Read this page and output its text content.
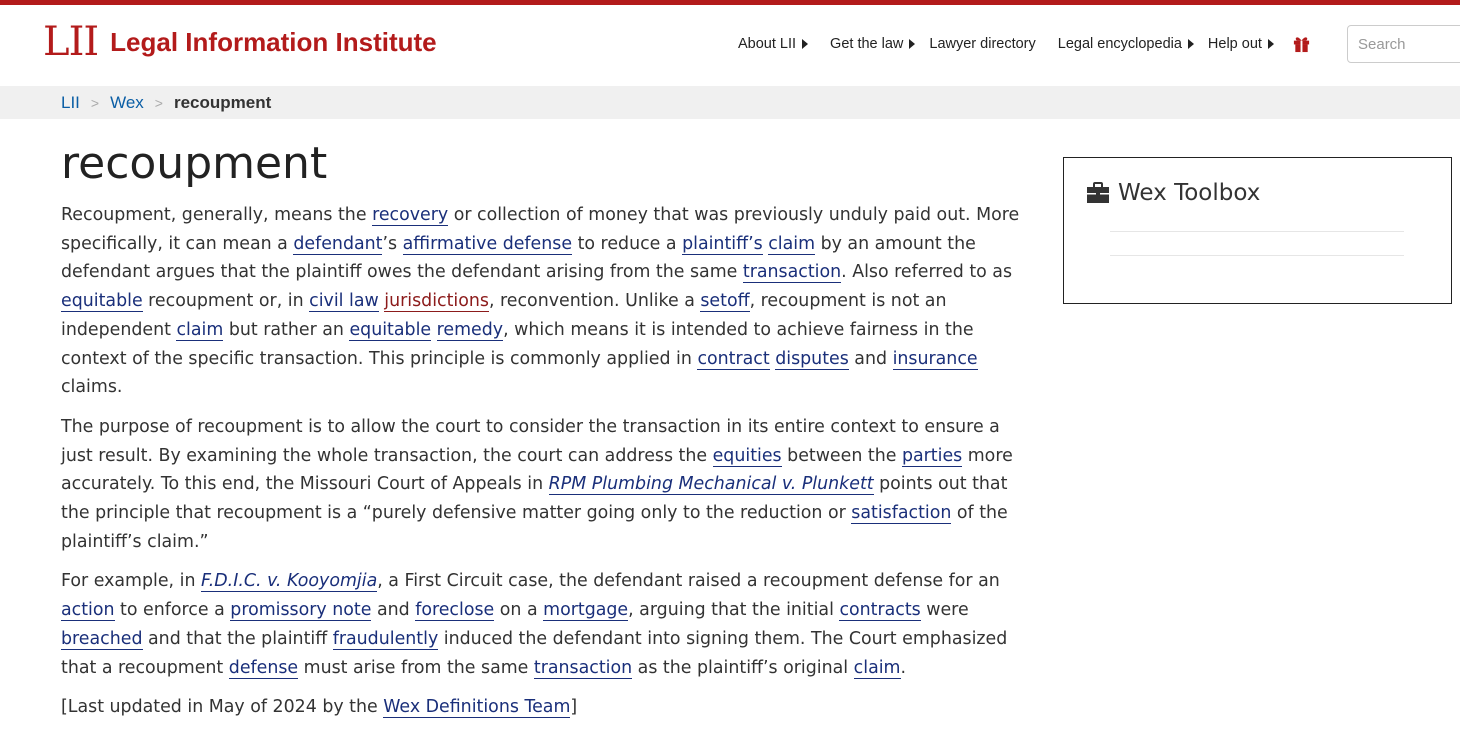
LII Legal Information Institute	About LII Get the law Lawyer directory Legal encyclopedia Help out
Search
LII > Wex > recoupment
recoupment

Recoupment, generally, means the recovery or collection of money that was previously unduly paid out. More specifically, it can mean a defendant’s affirmative defense to reduce a plaintiff’s claim by an amount the defendant argues that the plaintiff owes the defendant arising from the same transaction. Also referred to as equitable recoupment or, in civil law jurisdictions, reconvention. Unlike a setoff, recoupment is not an independent claim but rather an equitable remedy, which means it is intended to achieve fairness in the context of the specific transaction. This principle is commonly applied in contract disputes and insurance claims.

The purpose of recoupment is to allow the court to consider the transaction in its entire context to ensure a just result. By examining the whole transaction, the court can address the equities between the parties more accurately. To this end, the Missouri Court of Appeals in RPM Plumbing Mechanical v. Plunkett points out that the principle that recoupment is a “purely defensive matter going only to the reduction or satisfaction of the plaintiff’s claim.”

For example, in F.D.I.C. v. Kooyomjia, a First Circuit case, the defendant raised a recoupment defense for an action to enforce a promissory note and foreclose on a mortgage, arguing that the initial contracts were breached and that the plaintiff fraudulently induced the defendant into signing them. The Court emphasized that a recoupment defense must arise from the same transaction as the plaintiff’s original claim.

[Last updated in May of 2024 by the Wex Definitions Team]

Wex Toolbox
